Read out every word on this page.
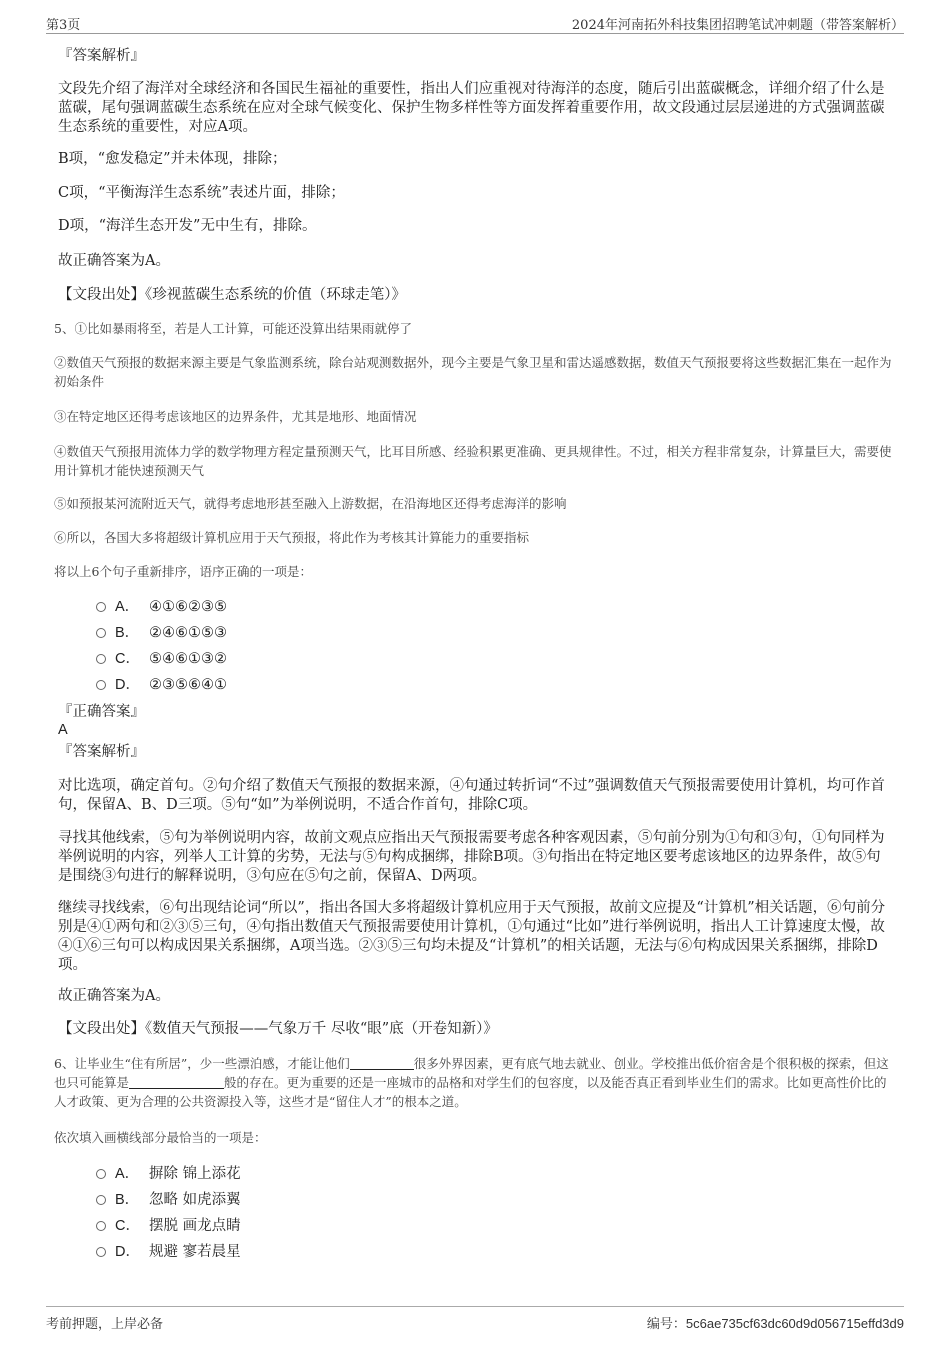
第3页	2024年河南拓外科技集团招聘笔试冲刺题（带答案解析）
『答案解析』
文段先介绍了海洋对全球经济和各国民生福祉的重要性，指出人们应重视对待海洋的态度，随后引出蓝碳概念，详细介绍了什么是蓝碳，尾句强调蓝碳生态系统在应对全球气候变化、保护生物多样性等方面发挥着重要作用，故文段通过层层递进的方式强调蓝碳生态系统的重要性，对应A项。
B项，“愈发稳定”并未体现，排除；
C项，“平衡海洋生态系统”表述片面，排除；
D项，“海洋生态开发”无中生有，排除。
故正确答案为A。
【文段出处】《珍视蓝碳生态系统的价值（环球走笔）》
5、①比如暴雨将至，若是人工计算，可能还没算出结果雨就停了
②数值天气预报的数据来源主要是气象监测系统，除台站观测数据外，现今主要是气象卫星和雷达遥感数据，数值天气预报要将这些数据汇集在一起作为初始条件
③在特定地区还得考虑该地区的边界条件，尤其是地形、地面情况
④数值天气预报用流体力学的数学物理方程定量预测天气，比耳目所感、经验积累更准确、更具规律性。不过，相关方程非常复杂，计算量巨大，需要使用计算机才能快速预测天气
⑤如预报某河流附近天气，就得考虑地形甚至融入上游数据，在沿海地区还得考虑海洋的影响
⑥所以，各国大多将超级计算机应用于天气预报，将此作为考核其计算能力的重要指标
将以上6个句子重新排序，语序正确的一项是：
A． ④①⑥②③⑤
B． ②④⑥①⑤③
C． ⑤④⑥①③②
D． ②③⑤⑥④①
『正确答案』
A
『答案解析』
对比选项，确定首句。②句介绍了数值天气预报的数据来源，④句通过转折词“不过”强调数值天气预报需要使用计算机，均可作首句，保留A、B、D三项。⑤句“如”为举例说明，不适合作首句，排除C项。
寻找其他线索，⑤句为举例说明内容，故前文观点应指出天气预报需要考虑各种客观因素，⑤句前分别为①句和③句，①句同样为举例说明的内容，列举人工计算的劣势，无法与⑤句构成捆绑，排除B项。③句指出在特定地区要考虑该地区的边界条件，故⑤句是围绕③句进行的解释说明，③句应在⑤句之前，保留A、D两项。
继续寻找线索，⑥句出现结论词“所以”，指出各国大多将超级计算机应用于天气预报，故前文应提及“计算机”相关话题，⑥句前分别是④①两句和②③⑤三句，④句指出数值天气预报需要使用计算机，①句通过“比如”进行举例说明，指出人工计算速度太慢，故④①⑥三句可以构成因果关系捆绑，A项当选。②③⑤三句均未提及“计算机”的相关话题，无法与⑥句构成因果关系捆绑，排除D项。
故正确答案为A。
【文段出处】《数值天气预报——气象万千 尽收“眼”底（开卷知新）》
6、让毕业生“住有所居”，少一些漂泊感，才能让他们	很多外界因素，更有底气地去就业、创业。学校推出低价宿舍是个很积极的探索，但这也只可能算是	般的存在。更为重要的还是一座城市的品格和对学生们的包容度，以及能否真正看到毕业生们的需求。比如更高性价比的人才政策、更为合理的公共资源投入等，这些才是“留住人才”的根本之道。
依次填入画横线部分最恰当的一项是：
A． 摒除 锦上添花
B． 忽略 如虎添翼
C． 摆脱 画龙点睛
D． 规避 寥若晨星
考前押题，上岸必备	编号：5c6ae735cf63dc60d9d056715effd3d9
